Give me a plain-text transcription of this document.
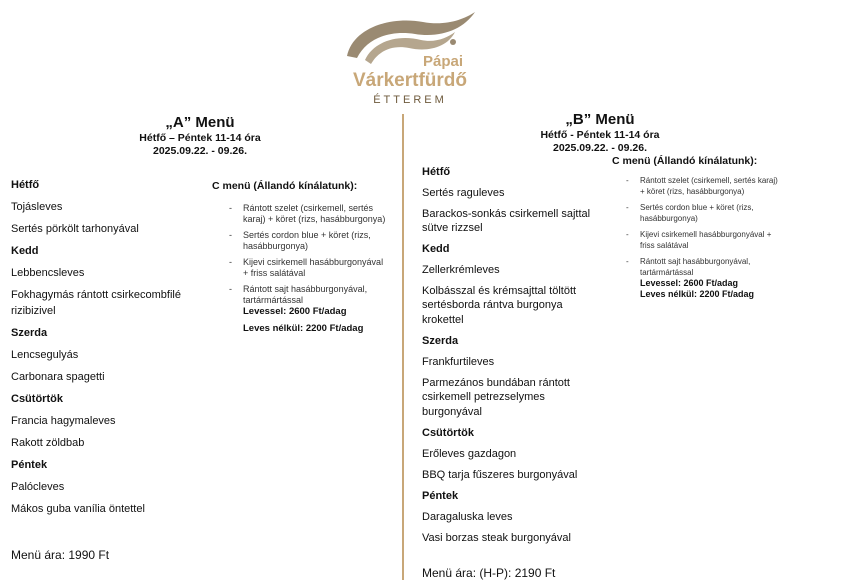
Pápai
Várkertfürdő
ÉTTEREM
„A” Menü
Hétfő – Péntek 11-14 óra
2025.09.22. - 09.26.
Hétfő
Tojásleves
Sertés pörkölt tarhonyával
Kedd
Lebbencsleves
Fokhagymás rántott csirkecombfilé
rizibizivel
Szerda
Lencsegulyás
Carbonara spagetti
Csütörtök
Francia hagymaleves
Rakott zöldbab
Péntek
Palócleves
Mákos guba vanília öntettel
Menü ára: 1990 Ft
C menü (Állandó kínálatunk):
- Rántott szelet (csirkemell, sertés karaj) + köret (rizs, hasábburgonya)
- Sertés cordon blue + köret (rizs, hasábburgonya)
- Kijevi csirkemell hasábburgonyával + friss salátával
- Rántott sajt hasábburgonyával, tartármártással
Levessel: 2600 Ft/adag
Leves nélkül: 2200 Ft/adag
„B” Menü
Hétfő - Péntek 11-14 óra
2025.09.22. - 09.26.
Hétfő
Sertés raguleves
Barackos-sonkás csirkemell sajttal
sütve rizzsel
Kedd
Zellerkrémleves
Kolbásszal és krémsajttal töltött
sertésborda rántva burgonya
krokettel
Szerda
Frankfurtileves
Parmezános bundában rántott
csirkemell petrezselymes
burgonyával
Csütörtök
Erőleves gazdagon
BBQ tarja fűszeres burgonyával
Péntek
Daragaluska leves
Vasi borzas steak burgonyával
Menü ára: (H-P): 2190 Ft
C menü (Állandó kínálatunk):
- Rántott szelet (csirkemell, sertés karaj) + köret (rizs, hasábburgonya)
- Sertés cordon blue + köret (rizs, hasábburgonya)
- Kijevi csirkemell hasábburgonyával + friss salátával
- Rántott sajt hasábburgonyával, tartármártással
Levessel: 2600 Ft/adag
Leves nélkül: 2200 Ft/adag
